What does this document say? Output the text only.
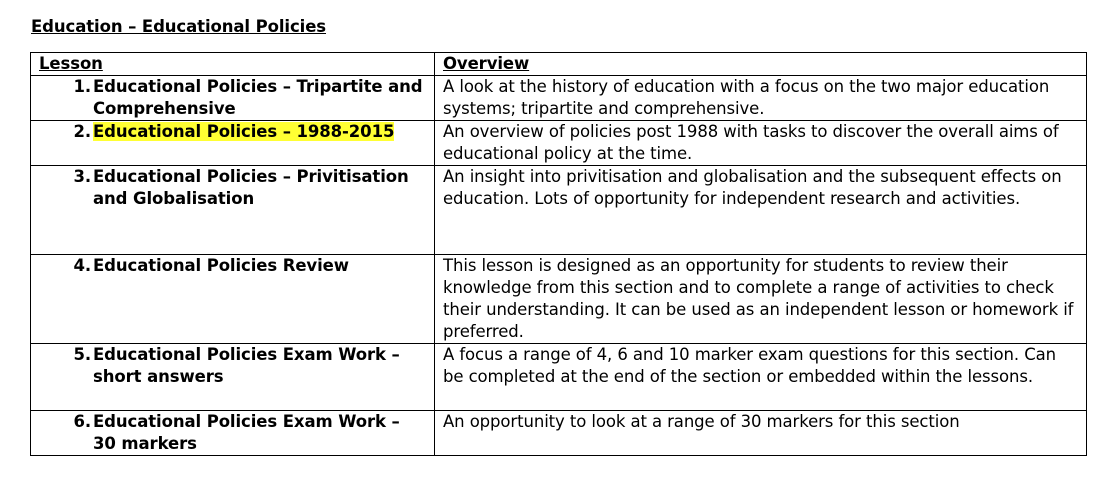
Education – Educational Policies
Lesson	Overview

1. Educational Policies – Tripartite and Comprehensive	A look at the history of education with a focus on the two major education systems; tripartite and comprehensive.

2. Educational Policies – 1988-2015	An overview of policies post 1988 with tasks to discover the overall aims of educational policy at the time.

3. Educational Policies – Privitisation and Globalisation	An insight into privitisation and globalisation and the subsequent effects on education. Lots of opportunity for independent research and activities.

4. Educational Policies Review	This lesson is designed as an opportunity for students to review their knowledge from this section and to complete a range of activities to check their understanding. It can be used as an independent lesson or homework if preferred.

5. Educational Policies Exam Work – short answers	A focus a range of 4, 6 and 10 marker exam questions for this section. Can be completed at the end of the section or embedded within the lessons.

6. Educational Policies Exam Work – 30 markers	An opportunity to look at a range of 30 markers for this section
